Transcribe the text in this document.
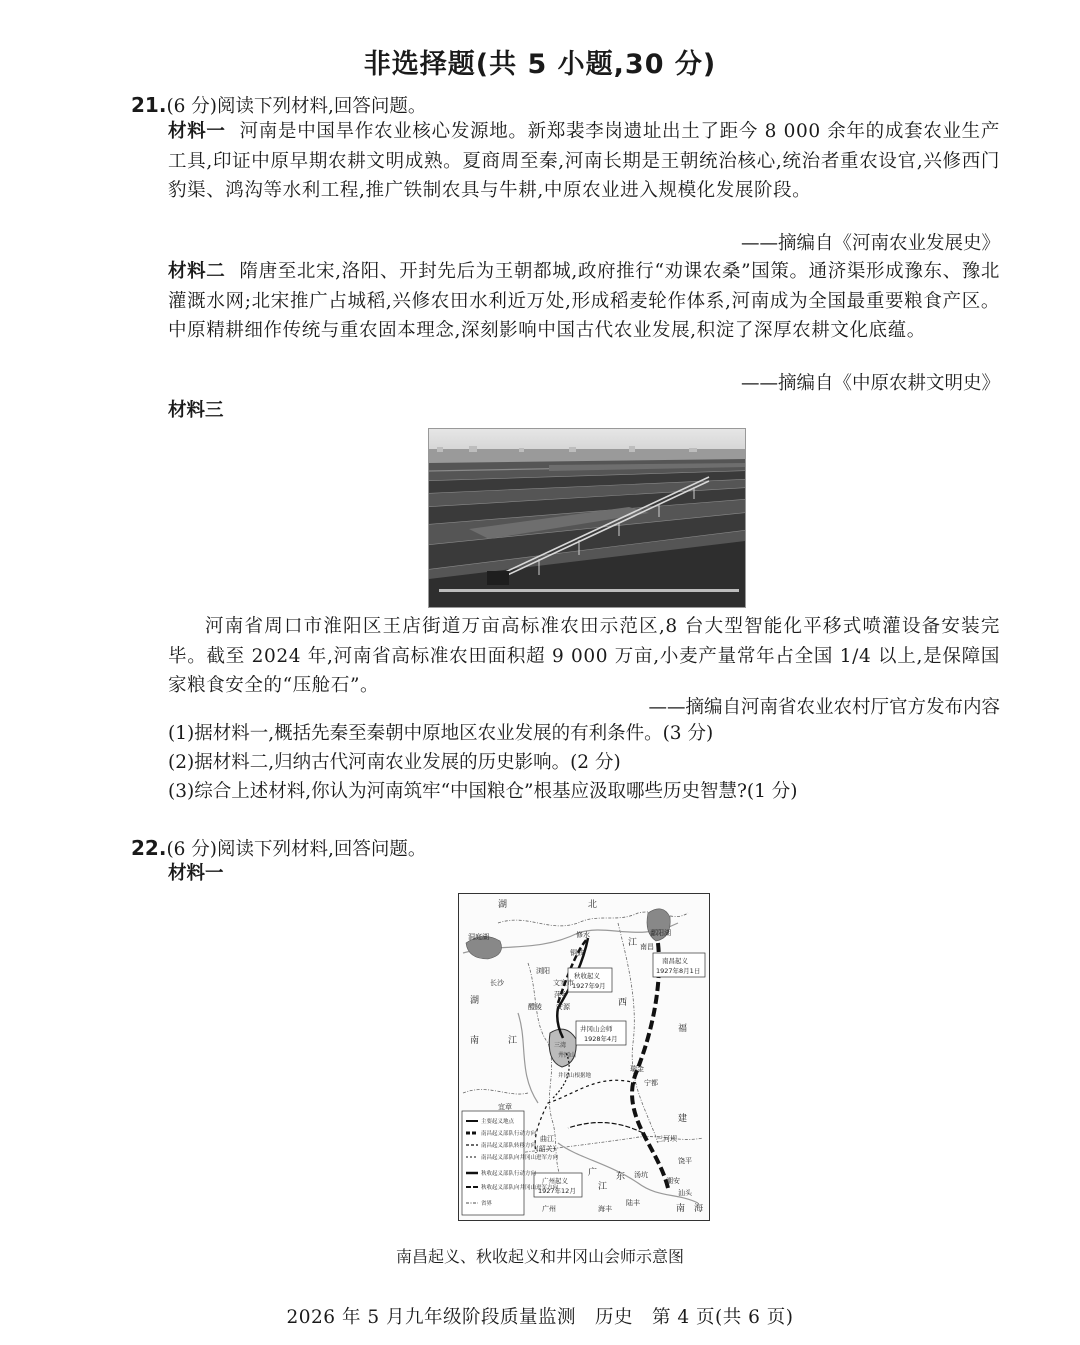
非选择题(共 5 小题,30 分)
21.(6 分)阅读下列材料,回答问题。
材料一 河南是中国旱作农业核心发源地。新郑裴李岗遗址出土了距今 8 000 余年的成套农业生产工具,印证中原早期农耕文明成熟。夏商周至秦,河南长期是王朝统治核心,统治者重农设官,兴修西门豹渠、鸿沟等水利工程,推广铁制农具与牛耕,中原农业进入规模化发展阶段。
——摘编自《河南农业发展史》
材料二 隋唐至北宋,洛阳、开封先后为王朝都城,政府推行“劝课农桑”国策。通济渠形成豫东、豫北灌溉水网;北宋推广占城稻,兴修农田水利近万处,形成稻麦轮作体系,河南成为全国最重要粮食产区。中原精耕细作传统与重农固本理念,深刻影响中国古代农业发展,积淀了深厚农耕文化底蕴。
——摘编自《中原农耕文明史》
材料三
河南省周口市淮阳区王店街道万亩高标准农田示范区,8 台大型智能化平移式喷灌设备安装完毕。截至 2024 年,河南省高标准农田面积超 9 000 万亩,小麦产量常年占全国 1/4 以上,是保障国家粮食安全的“压舱石”。
——摘编自河南省农业农村厅官方发布内容
(1)据材料一,概括先秦至秦朝中原地区农业发展的有利条件。(3 分)
(2)据材料二,归纳古代河南农业发展的历史影响。(2 分)
(3)综合上述材料,你认为河南筑牢“中国粮仓”根基应汲取哪些历史智慧?(1 分)
22.(6 分)阅读下列材料,回答问题。
材料一
湖	北
江
洞庭湖	鄱阳湖
修水
铜鼓
浏阳
文家市
长沙
萍乡
醴陵 安源
湖
南	江
西
福
建
三湾
井冈山
宁都
宜章
曲江
(韶关)
广 东
江
三河坝
饶平
潮安
汕头
汤坑
陆丰
海丰	南 海
广州
南昌
瑞金
南昌起义
1927年8月1日
秋收起义
1927年9月
井冈山会师
1928年4月
广州起义
1927年12月
井冈山根据地
主要起义地点
南昌起义部队行动方向
南昌起义部队转移方向
南昌起义部队向井冈山进军方向
秋收起义部队行动方向
秋收起义部队向井冈山进军方向
省界
南昌起义、秋收起义和井冈山会师示意图
2026 年 5 月九年级阶段质量监测　历史　第 4 页(共 6 页)
